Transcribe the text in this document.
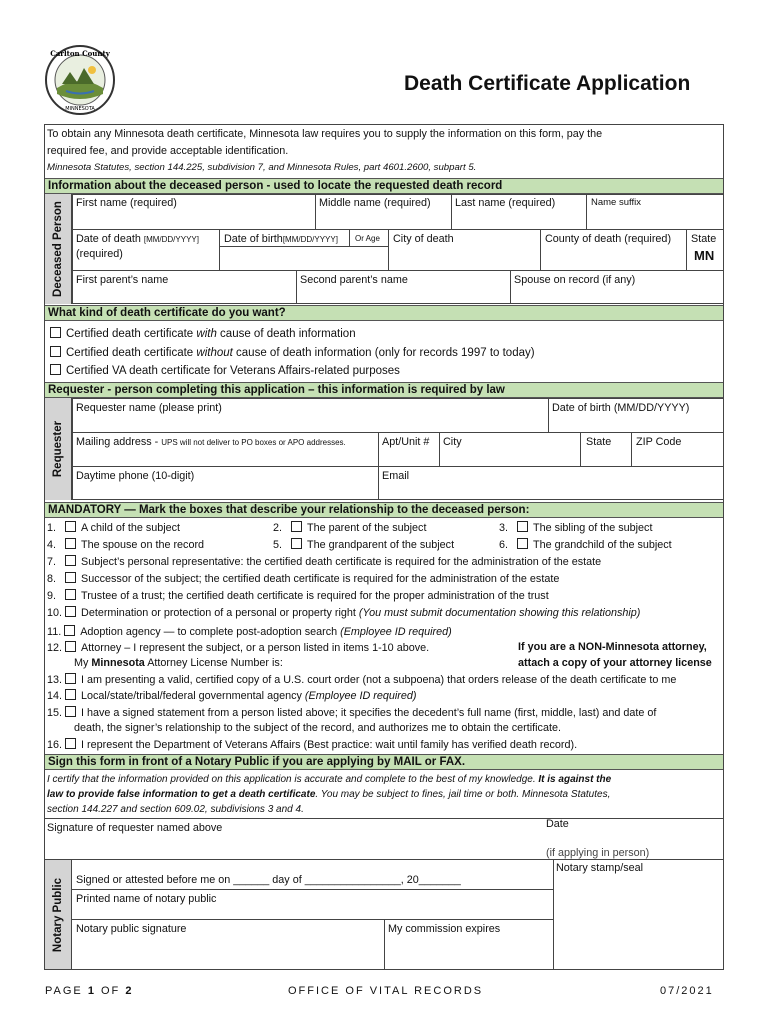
Carlton County
MINNESOTA
Death Certificate Application
To obtain any Minnesota death certificate, Minnesota law requires you to supply the information on this form, pay the
required fee, and provide acceptable identification.
Minnesota Statutes, section 144.225, subdivision 7, and Minnesota Rules, part 4601.2600, subpart 5.
Information about the deceased person - used to locate the requested death record
Deceased Person First name (required)	Middle name (required) Last name (required)	Name suffix
Date of death [MM/DD/YYYY]
(required)
Date of birth[MM/DD/YYYY] Or Age City of death	County of death (required) State
MN
First parent’s name	Second parent’s name	Spouse on record (if any)
What kind of death certificate do you want?
Certified death certificate with cause of death information
Certified death certificate without cause of death information (only for records 1997 to today)
Certified VA death certificate for Veterans Affairs-related purposes
Requester - person completing this application – this information is required by law
Requester
Requester name (please print)	Date of birth (MM/DD/YYYY)
Mailing address - UPS will not deliver to PO boxes or APO addresses.	Apt/Unit # City	State ZIP Code
Daytime phone (10-digit)	Email
MANDATORY — Mark the boxes that describe your relationship to the deceased person:
1. A child of the subject	2. The parent of the subject	3. The sibling of the subject
4. The spouse on the record	5. The grandparent of the subject	6. The grandchild of the subject
7. Subject’s personal representative: the certified death certificate is required for the administration of the estate
8. Successor of the subject; the certified death certificate is required for the administration of the estate
9. Trustee of a trust; the certified death certificate is required for the proper administration of the trust
10. Determination or protection of a personal or property right (You must submit documentation showing this relationship)
11. Adoption agency — to complete post-adoption search (Employee ID required)
12. Attorney – I represent the subject, or a person listed in items 1-10 above.
My Minnesota Attorney License Number is:
If you are a NON-Minnesota attorney,
attach a copy of your attorney license
13. I am presenting a valid, certified copy of a U.S. court order (not a subpoena) that orders release of the death certificate to me
14. Local/state/tribal/federal governmental agency (Employee ID required)
15. I have a signed statement from a person listed above; it specifies the decedent’s full name (first, middle, last) and date of
death, the signer’s relationship to the subject of the record, and authorizes me to obtain the certificate.
16. I represent the Department of Veterans Affairs (Best practice: wait until family has verified death record).
Sign this form in front of a Notary Public if you are applying by MAIL or FAX.
I certify that the information provided on this application is accurate and complete to the best of my knowledge. It is against the
law to provide false information to get a death certificate. You may be subject to fines, jail time or both. Minnesota Statutes,
section 144.227 and section 609.02, subdivisions 3 and 4.
Signature of requester named above	Date
(if applying in person)
Notary Public
Notary stamp/seal
Signed or attested before me on ______ day of ________________, 20_______
Printed name of notary public
Notary public signature	My commission expires
PAGE 1 OF 2	OFFICE OF VITAL RECORDS	07/2021
